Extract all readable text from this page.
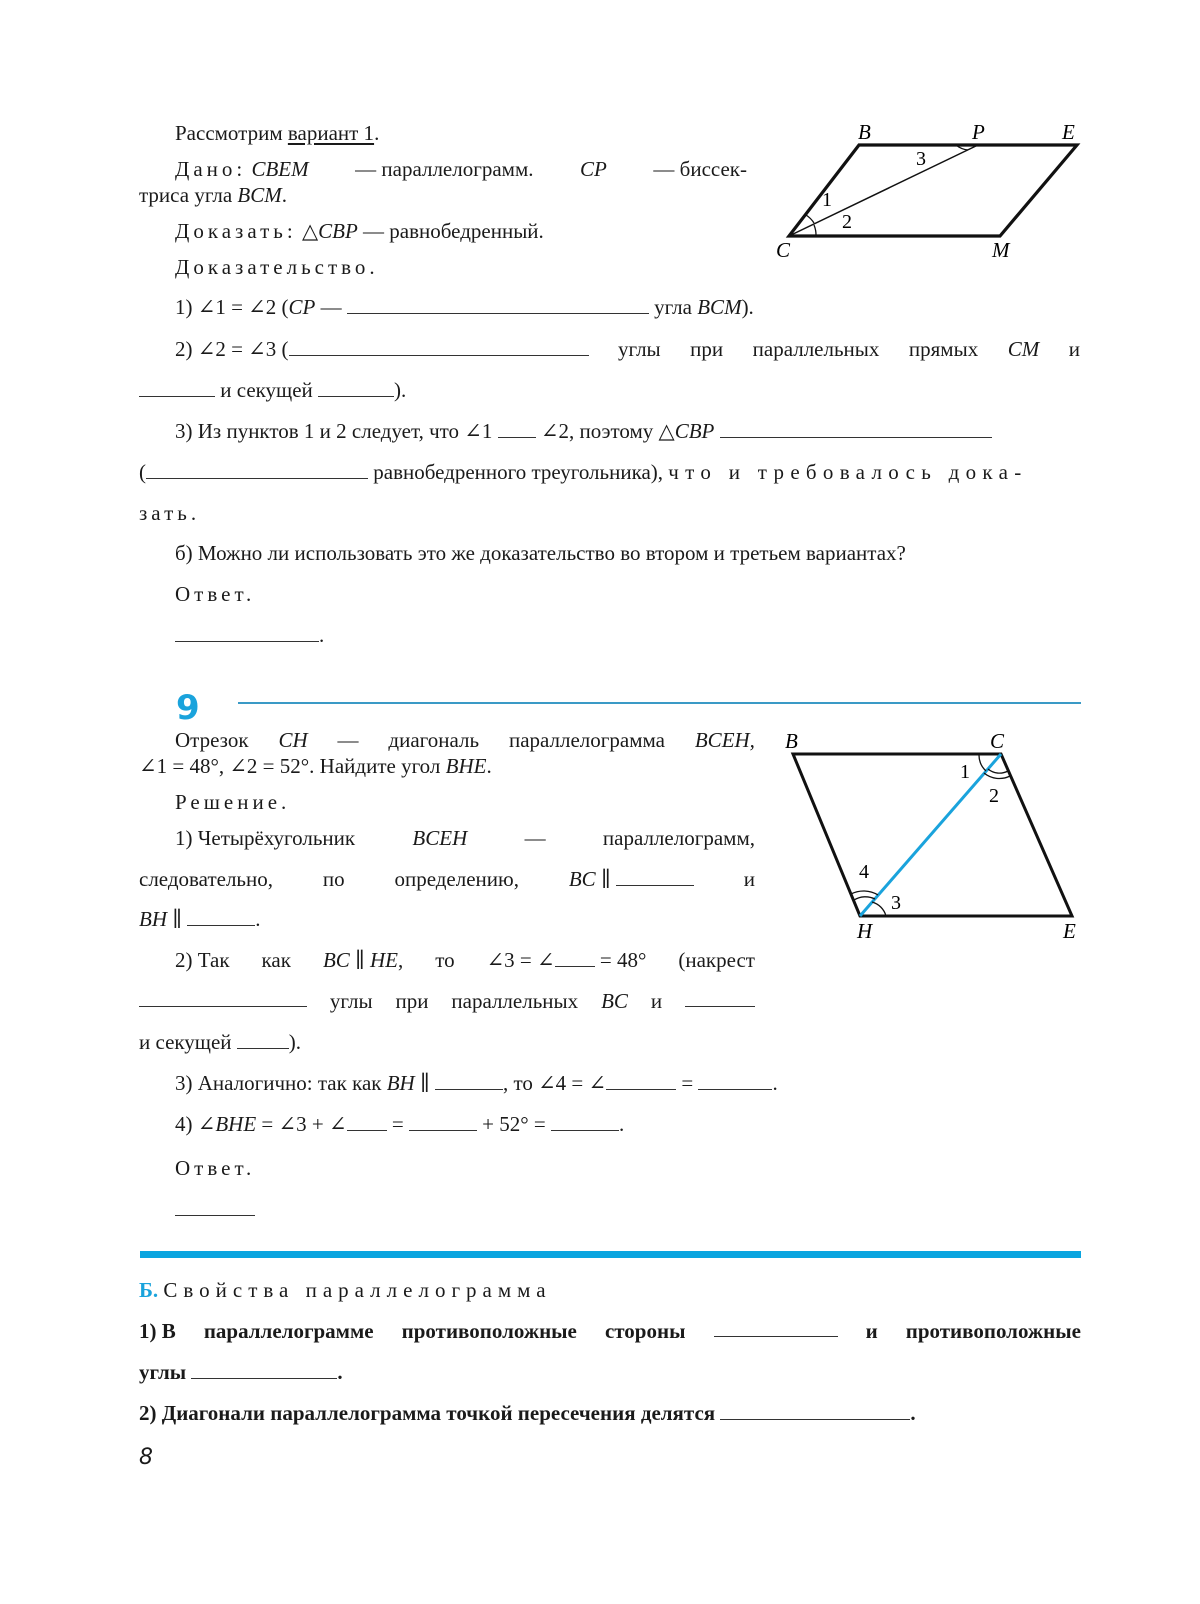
Рассмотрим вариант 1.
Дано: CBEM — параллелограмм. CP — биссек-
триса угла BCM.
Доказать: △CBP — равнобедренный.
Доказательство.
1) ∠1 = ∠2 (CP —	угла BCM).
2) ∠2 = ∠3 (	углы при параллельных прямых CM и
и секущей	).
3) Из пунктов 1 и 2 следует, что ∠1  ∠2, поэтому △CBP
(	равнобедренного треугольника), что и требовалось дока-
зать.
б) Можно ли использовать это же доказательство во втором и третьем вариантах?
Ответ.
.
B	P	E
C	M
3
1
2
9
Отрезок CH — диагональ параллелограмма BCEH,
∠1 = 48°, ∠2 = 52°. Найдите угол BHE.
Решение.
1) Четырёхугольник	BCEH	—	параллелограмм,
следовательно, по определению, BC ∥	и
BH ∥	.
2) Так как BC ∥ HE, то ∠3 = ∠ = 48° (накрест
углы при параллельных BC и
и секущей ).
3) Аналогично: так как BH ∥	, то ∠4 = ∠	=	.
4) ∠BHE = ∠3 + ∠ =	+ 52° =	.
Ответ.
B	C
H	E
1
2
3
4
Б. Свойства параллелограмма
1) В параллелограмме противоположные стороны	и противоположные
углы	.
2) Диагонали параллелограмма точкой пересечения делятся	.
8
